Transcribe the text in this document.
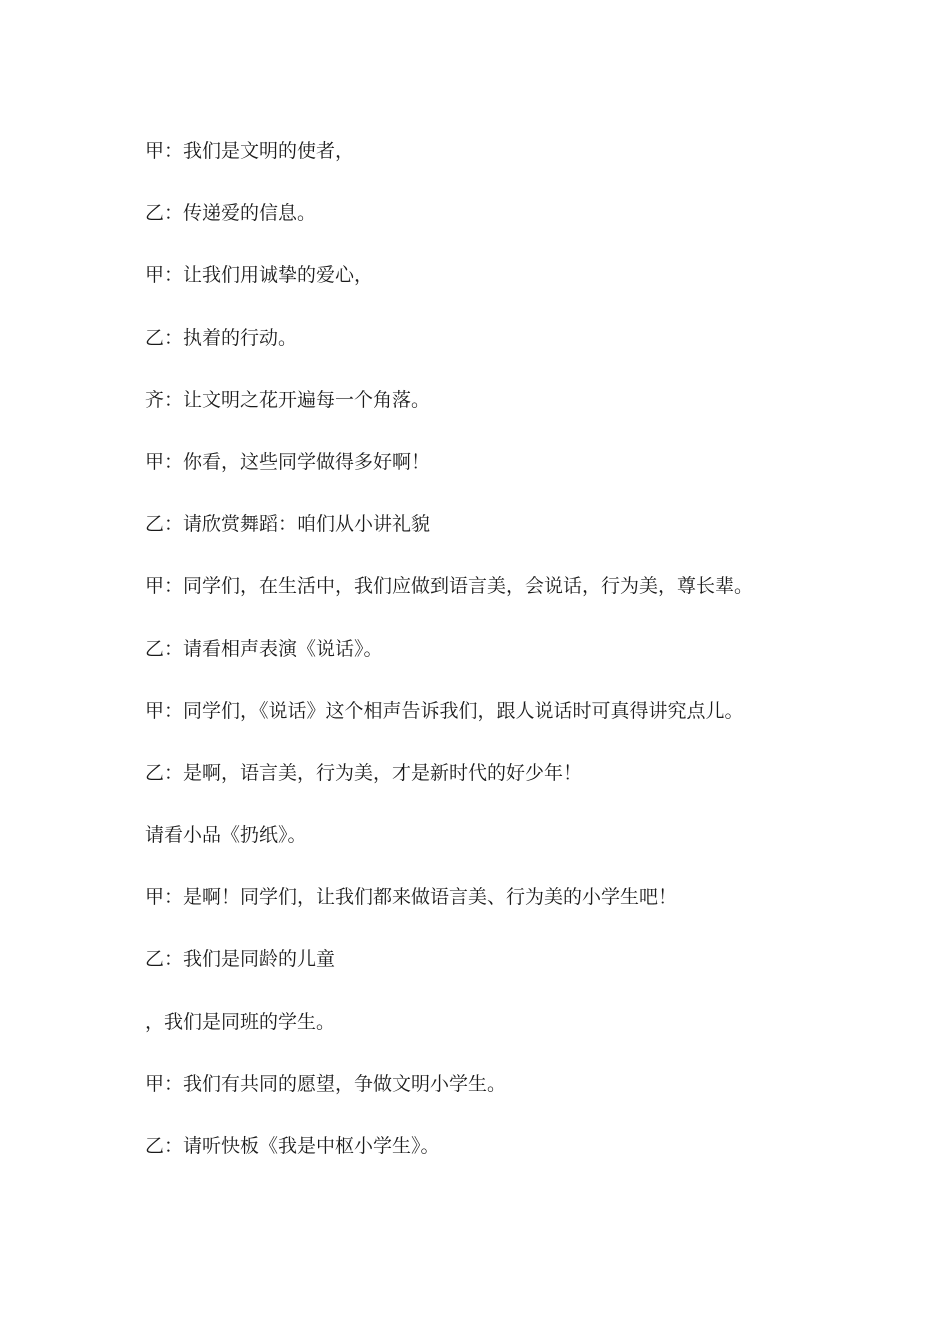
甲：我们是文明的使者，
乙：传递爱的信息。
甲：让我们用诚挚的爱心，
乙：执着的行动。
齐：让文明之花开遍每一个角落。
甲：你看，这些同学做得多好啊！
乙：请欣赏舞蹈：咱们从小讲礼貌
甲：同学们，在生活中，我们应做到语言美，会说话，行为美，尊长辈。
乙：请看相声表演《说话》。
甲：同学们，《说话》这个相声告诉我们，跟人说话时可真得讲究点儿。
乙：是啊，语言美，行为美，才是新时代的好少年！
请看小品《扔纸》。
甲：是啊！同学们，让我们都来做语言美、行为美的小学生吧！
乙：我们是同龄的儿童
，我们是同班的学生。
甲：我们有共同的愿望，争做文明小学生。
乙：请听快板《我是中枢小学生》。
